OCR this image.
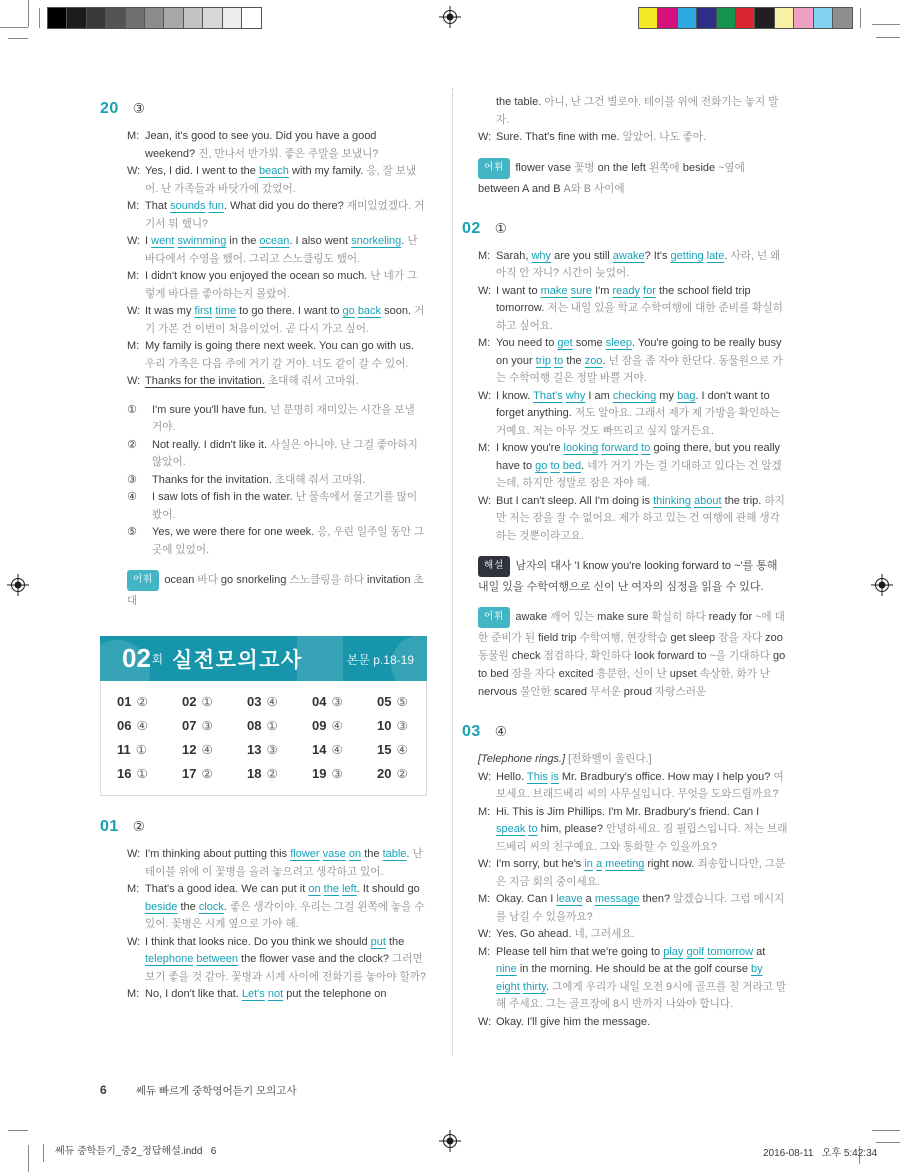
20 ③

M: Jean, it's good to see you. Did you have a good weekend? 진, 만나서 반가워. 좋은 주말을 보냈니?

W: Yes, I did. I went to the beach with my family. 응, 잘 보냈어. 난 가족들과 바닷가에 갔었어.

M: That sounds fun. What did you do there? 재미있었겠다. 거기서 뭐 했니?

W: I went swimming in the ocean. I also went snorkeling. 난 바다에서 수영을 했어. 그리고 스노클링도 했어.

M: I didn't know you enjoyed the ocean so much. 난 네가 그렇게 바다를 좋아하는지 몰랐어.

W: It was my first time to go there. I want to go back soon. 거기 가본 건 이번이 처음이었어. 곧 다시 가고 싶어.

M: My family is going there next week. You can go with us. 우리 가족은 다음 주에 거기 갈 거야. 너도 같이 갈 수 있어.

W: Thanks for the invitation. 초대해 줘서 고마워.

①	I'm sure you'll have fun. 넌 분명히 재미있는 시간을 보낼 거야.

②	Not really. I didn't like it. 사실은 아니야. 난 그걸 좋아하지 않았어.

③	Thanks for the invitation. 초대해 줘서 고마워.

④	I saw lots of fish in the water. 난 물속에서 물고기를 많이 봤어.

⑤	Yes, we were there for one week. 응, 우린 일주일 동안 그곳에 있었어.

어휘 ocean 바다 go snorkeling 스노클링을 하다 invitation 초대

02 회 실전모의고사	본문 p.18-19
01 ②	02 ①	03 ④	04 ③	05 ⑤
06 ④	07 ③	08 ①	09 ④	10 ③
11 ①	12 ④	13 ③	14 ④	15 ④
16 ①	17 ②	18 ②	19 ③	20 ②
01 ②

W: I'm thinking about putting this flower vase on the table. 난 테이블 위에 이 꽃병을 올려 놓으려고 생각하고 있어.

M: That's a good idea. We can put it on the left. It should go beside the clock. 좋은 생각이야. 우리는 그걸 왼쪽에 놓을 수 있어. 꽃병은 시계 옆으로 가야 해.

W: I think that looks nice. Do you think we should put the telephone between the flower vase and the clock? 그러면 보기 좋을 것 같아. 꽃병과 시계 사이에 전화기를 놓아야 할까?

M: No, I don't like that. Let's not put the telephone on

the table. 아니, 난 그건 별로야. 테이블 위에 전화기는 놓지 말자.

W: Sure. That's fine with me. 알았어. 나도 좋아.

어휘 flower vase 꽃병 on the left 왼쪽에 beside ~옆에 between A and B A와 B 사이에

02 ①

M: Sarah, why are you still awake? It's getting late. 사라, 넌 왜 아직 안 자니? 시간이 늦었어.

W: I want to make sure I'm ready for the school field trip tomorrow. 저는 내일 있을 학교 수학여행에 대한 준비를 확실히 하고 싶어요.

M: You need to get some sleep. You're going to be really busy on your trip to the zoo. 넌 잠을 좀 자야 한단다. 동물원으로 가는 수학여행 길은 정말 바쁠 거야.

W: I know. That's why I am checking my bag. I don't want to forget anything. 저도 알아요. 그래서 제가 제 가방을 확인하는 거예요. 저는 아무 것도 빠뜨리고 싶지 않거든요.

M: I know you're looking forward to going there, but you really have to go to bed. 네가 거기 가는 걸 기대하고 있다는 건 알겠는데, 하지만 정말로 잠은 자야 해.

W: But I can't sleep. All I'm doing is thinking about the trip. 하지만 저는 잠을 잘 수 없어요. 제가 하고 있는 건 여행에 관해 생각하는 것뿐이라고요.

해설 남자의 대사 'I know you're looking forward to ~'를 통해 내일 있을 수학여행으로 신이 난 여자의 심정을 읽을 수 있다.

어휘 awake 깨어 있는 make sure 확실히 하다 ready for ~에 대한 준비가 된 field trip 수학여행, 현장학습 get sleep 잠을 자다 zoo 동물원 check 점검하다, 확인하다 look forward to ~을 기대하다 go to bed 잠을 자다 excited 흥분한, 신이 난 upset 속상한, 화가 난 nervous 불안한 scared 무서운 proud 자랑스러운

03 ④

[Telephone rings.] [전화벨이 울린다.]

W: Hello. This is Mr. Bradbury's office. How may I help you? 여보세요. 브래드베리 씨의 사무실입니다. 무엇을 도와드릴까요?

M: Hi. This is Jim Phillips. I'm Mr. Bradbury's friend. Can I speak to him, please? 안녕하세요. 짐 필립스입니다. 저는 브래드베리 씨의 친구예요. 그와 통화할 수 있을까요?

W: I'm sorry, but he's in a meeting right now. 죄송합니다만, 그분은 지금 회의 중이세요.

M: Okay. Can I leave a message then? 알겠습니다. 그럼 메시지를 남길 수 있을까요?

W: Yes. Go ahead. 네, 그러세요.

M: Please tell him that we're going to play golf tomorrow at nine in the morning. He should be at the golf course by eight thirty. 그에게 우리가 내일 오전 9시에 골프를 칠 거라고 말해 주세요. 그는 골프장에 8시 반까지 나와야 합니다.

W: Okay. I'll give him the message.

6	쎄듀 빠르게 중학영어듣기 모의고사
쎄듀 중학듣기_중2_정답해설.indd   6	2016-08-11   오후 5:42:34
